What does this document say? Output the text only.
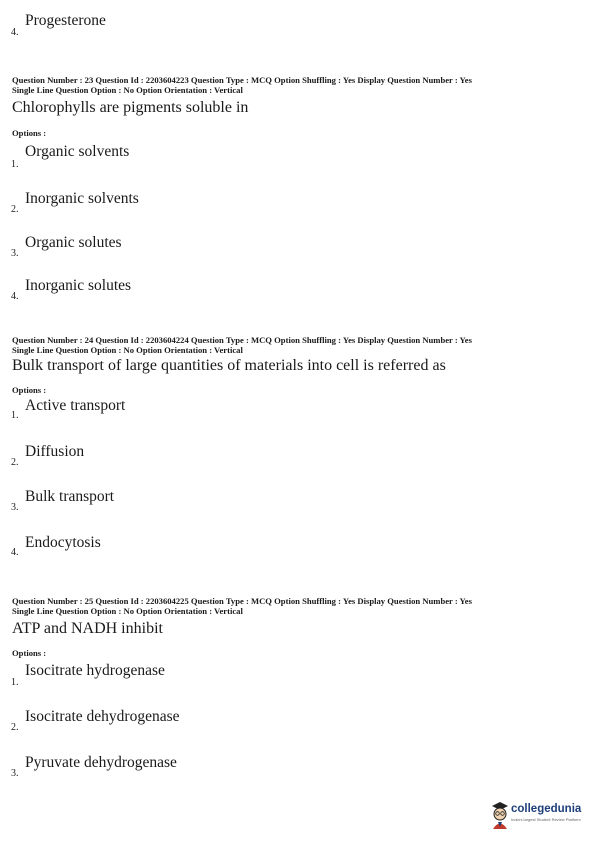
4.
Progesterone
Question Number : 23 Question Id : 2203604223 Question Type : MCQ Option Shuffling : Yes Display Question Number : Yes
Single Line Question Option : No Option Orientation : Vertical
Chlorophylls are pigments soluble in
Options :
1.
Organic solvents
2.
Inorganic solvents
3.
Organic solutes
4.
Inorganic solutes
Question Number : 24 Question Id : 2203604224 Question Type : MCQ Option Shuffling : Yes Display Question Number : Yes
Single Line Question Option : No Option Orientation : Vertical
Bulk transport of large quantities of materials into cell is referred as
Options :
1.
Active transport
2.
Diffusion
3.
Bulk transport
4.
Endocytosis
Question Number : 25 Question Id : 2203604225 Question Type : MCQ Option Shuffling : Yes Display Question Number : Yes
Single Line Question Option : No Option Orientation : Vertical
ATP and NADH inhibit
Options :
1.
Isocitrate hydrogenase
2.
Isocitrate dehydrogenase
3.
Pyruvate dehydrogenase
collegedunia
India's largest Student Review Platform
